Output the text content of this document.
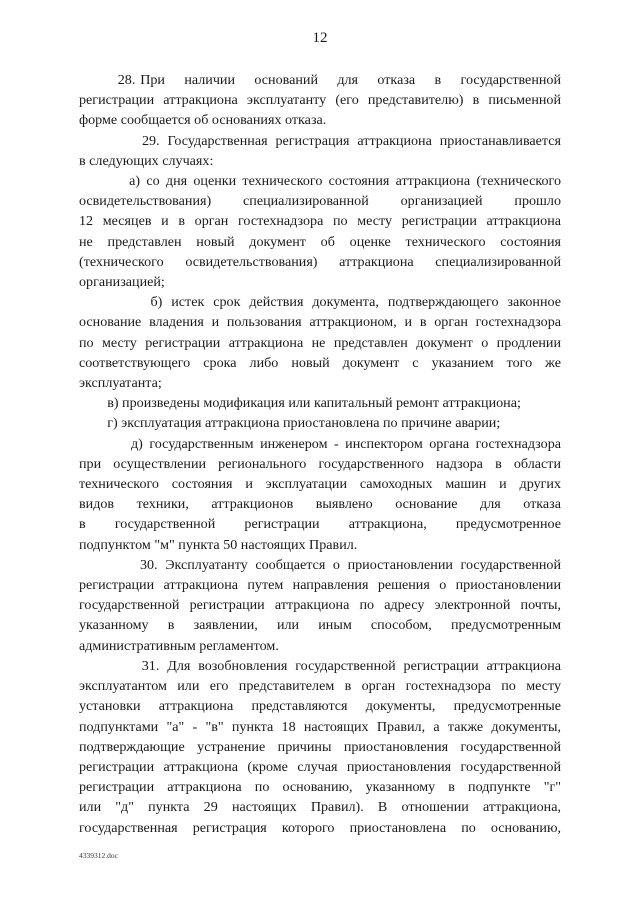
12

28. При    наличии    оснований    для    отказа    в    государственной
регистрации аттракциона эксплуатанту (его представителю) в письменной
форме сообщается об основаниях отказа.

29. Государственная регистрация аттракциона приостанавливается
в следующих случаях:

а) со дня оценки технического состояния аттракциона (технического
освидетельствования)     специализированной     организацией     прошло
12 месяцев и в орган гостехнадзора по месту регистрации аттракциона
не представлен новый документ об оценке технического состояния
(технического освидетельствования) аттракциона специализированной
организацией;

б) истек срок действия документа, подтверждающего законное
основание владения и пользования аттракционом, и в орган гостехнадзора
по месту регистрации аттракциона не представлен документ о продлении
соответствующего срока либо новый документ с указанием того же
эксплуатанта;

в) произведены модификация или капитальный ремонт аттракциона;

г) эксплуатация аттракциона приостановлена по причине аварии;

д) государственным инженером - инспектором органа гостехнадзора
при осуществлении регионального государственного надзора в области
технического состояния и эксплуатации самоходных машин и других
видов   техники,   аттракционов   выявлено   основание   для   отказа
в    государственной    регистрации    аттракциона,    предусмотренное
подпунктом "м" пункта 50 настоящих Правил.

30. Эксплуатанту сообщается о приостановлении государственной
регистрации аттракциона путем направления решения о приостановлении
государственной регистрации аттракциона по адресу электронной почты,
указанному   в   заявлении,   или   иным   способом,   предусмотренным
административным регламентом.

31. Для возобновления государственной регистрации аттракциона
эксплуатантом или его представителем в орган гостехнадзора по месту
установки аттракциона представляются документы, предусмотренные
подпунктами "а" - "в" пункта 18 настоящих Правил, а также документы,
подтверждающие устранение причины приостановления государственной
регистрации аттракциона (кроме случая приостановления государственной
регистрации аттракциона по основанию, указанному в подпункте "г"
или "д" пункта 29 настоящих Правил). В отношении аттракциона,
государственная регистрация которого приостановлена по основанию,

4339312.doc
